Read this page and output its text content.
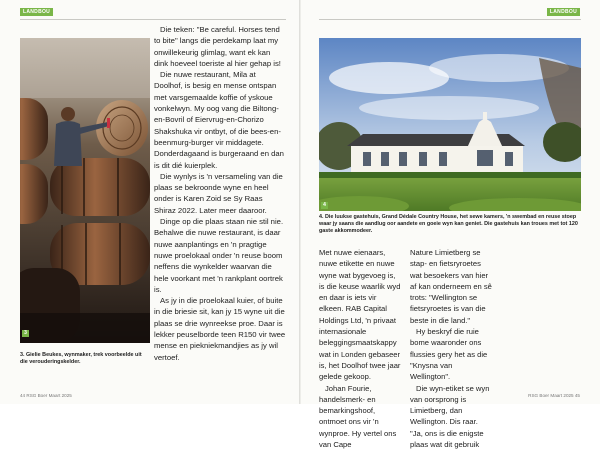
LANDBOU	LANDBOU
3
3. Gielie Beukes, wynmaker, trek voorbeelde uit die verouderingskelder.

Die teken: "Be careful. Horses tend to bite" langs die perdekamp laat my onwillekeurig glimlag, want ek kan dink hoeveel toeriste al hier gehap is!

Die nuwe restaurant, Mila at Doolhof, is besig en mense ontspan met varsgemaalde koffie of yskoue vonkelwyn. My oog vang die Biltong-en-Bovril of Eiervrug-en-Chorizo Shakshuka vir ontbyt, of die bees-en-beenmurg-burger vir middagete. Donderdagaand is burgeraand en dan is dit dié kuierplek.

Die wynlys is 'n versameling van die plaas se bekroonde wyne en heel onder is Karen Zoid se Sy Raas Shiraz 2022. Later meer daaroor.

Dinge op die plaas staan nie stil nie. Behalwe die nuwe restaurant, is daar nuwe aanplantings en 'n pragtige nuwe proelokaal onder 'n reuse boom neffens die wynkelder waarvan die hele voorkant met 'n rankplant oortrek is.

As jy in die proelokaal kuier, of buite in die briesie sit, kan jy 15 wyne uit die plaas se drie wynreekse proe. Daar is lekker peuselborde teen R150 vir twee mense en piekniekmandjies as jy wil vertoef.

44 RSG Boer Maart 2025
4
4. Die luukse gastehuis, Grand Dédale Country House, het sewe kamers, 'n swembad en reuse stoep waar jy saans die aandlug oor aandete en goeie wyn kan geniet. Die gastehuis kan troues met tot 120 gaste akkommodeer.

Met nuwe eienaars, nuwe etikette en nuwe wyne wat bygevoeg is, is die keuse waarlik wyd en daar is iets vir elkeen. RAB Capital Holdings Ltd, 'n privaat internasionale beleggingsmaatskappy wat in Londen gebaseer is, het Doolhof twee jaar gelede gekoop.

Johan Fourie, handelsmerk- en bemarkingshoof, ontmoet ons vir 'n wynproe. Hy vertel ons van Cape

Nature Limietberg se stap- en fietsryroetes wat besoekers van hier af kan onderneem en sê trots: "Wellington se fietsryroetes is van die beste in die land."

Hy beskryf die ruie bome waaronder ons flussies gery het as die "Knysna van Wellington".

Die wyn-etiket se wyn van oorsprong is Limietberg, dan Wellington. Dis raar. "Ja, ons is die enigste plaas wat dit gebruik

RSG Boer Maart 2025 45
